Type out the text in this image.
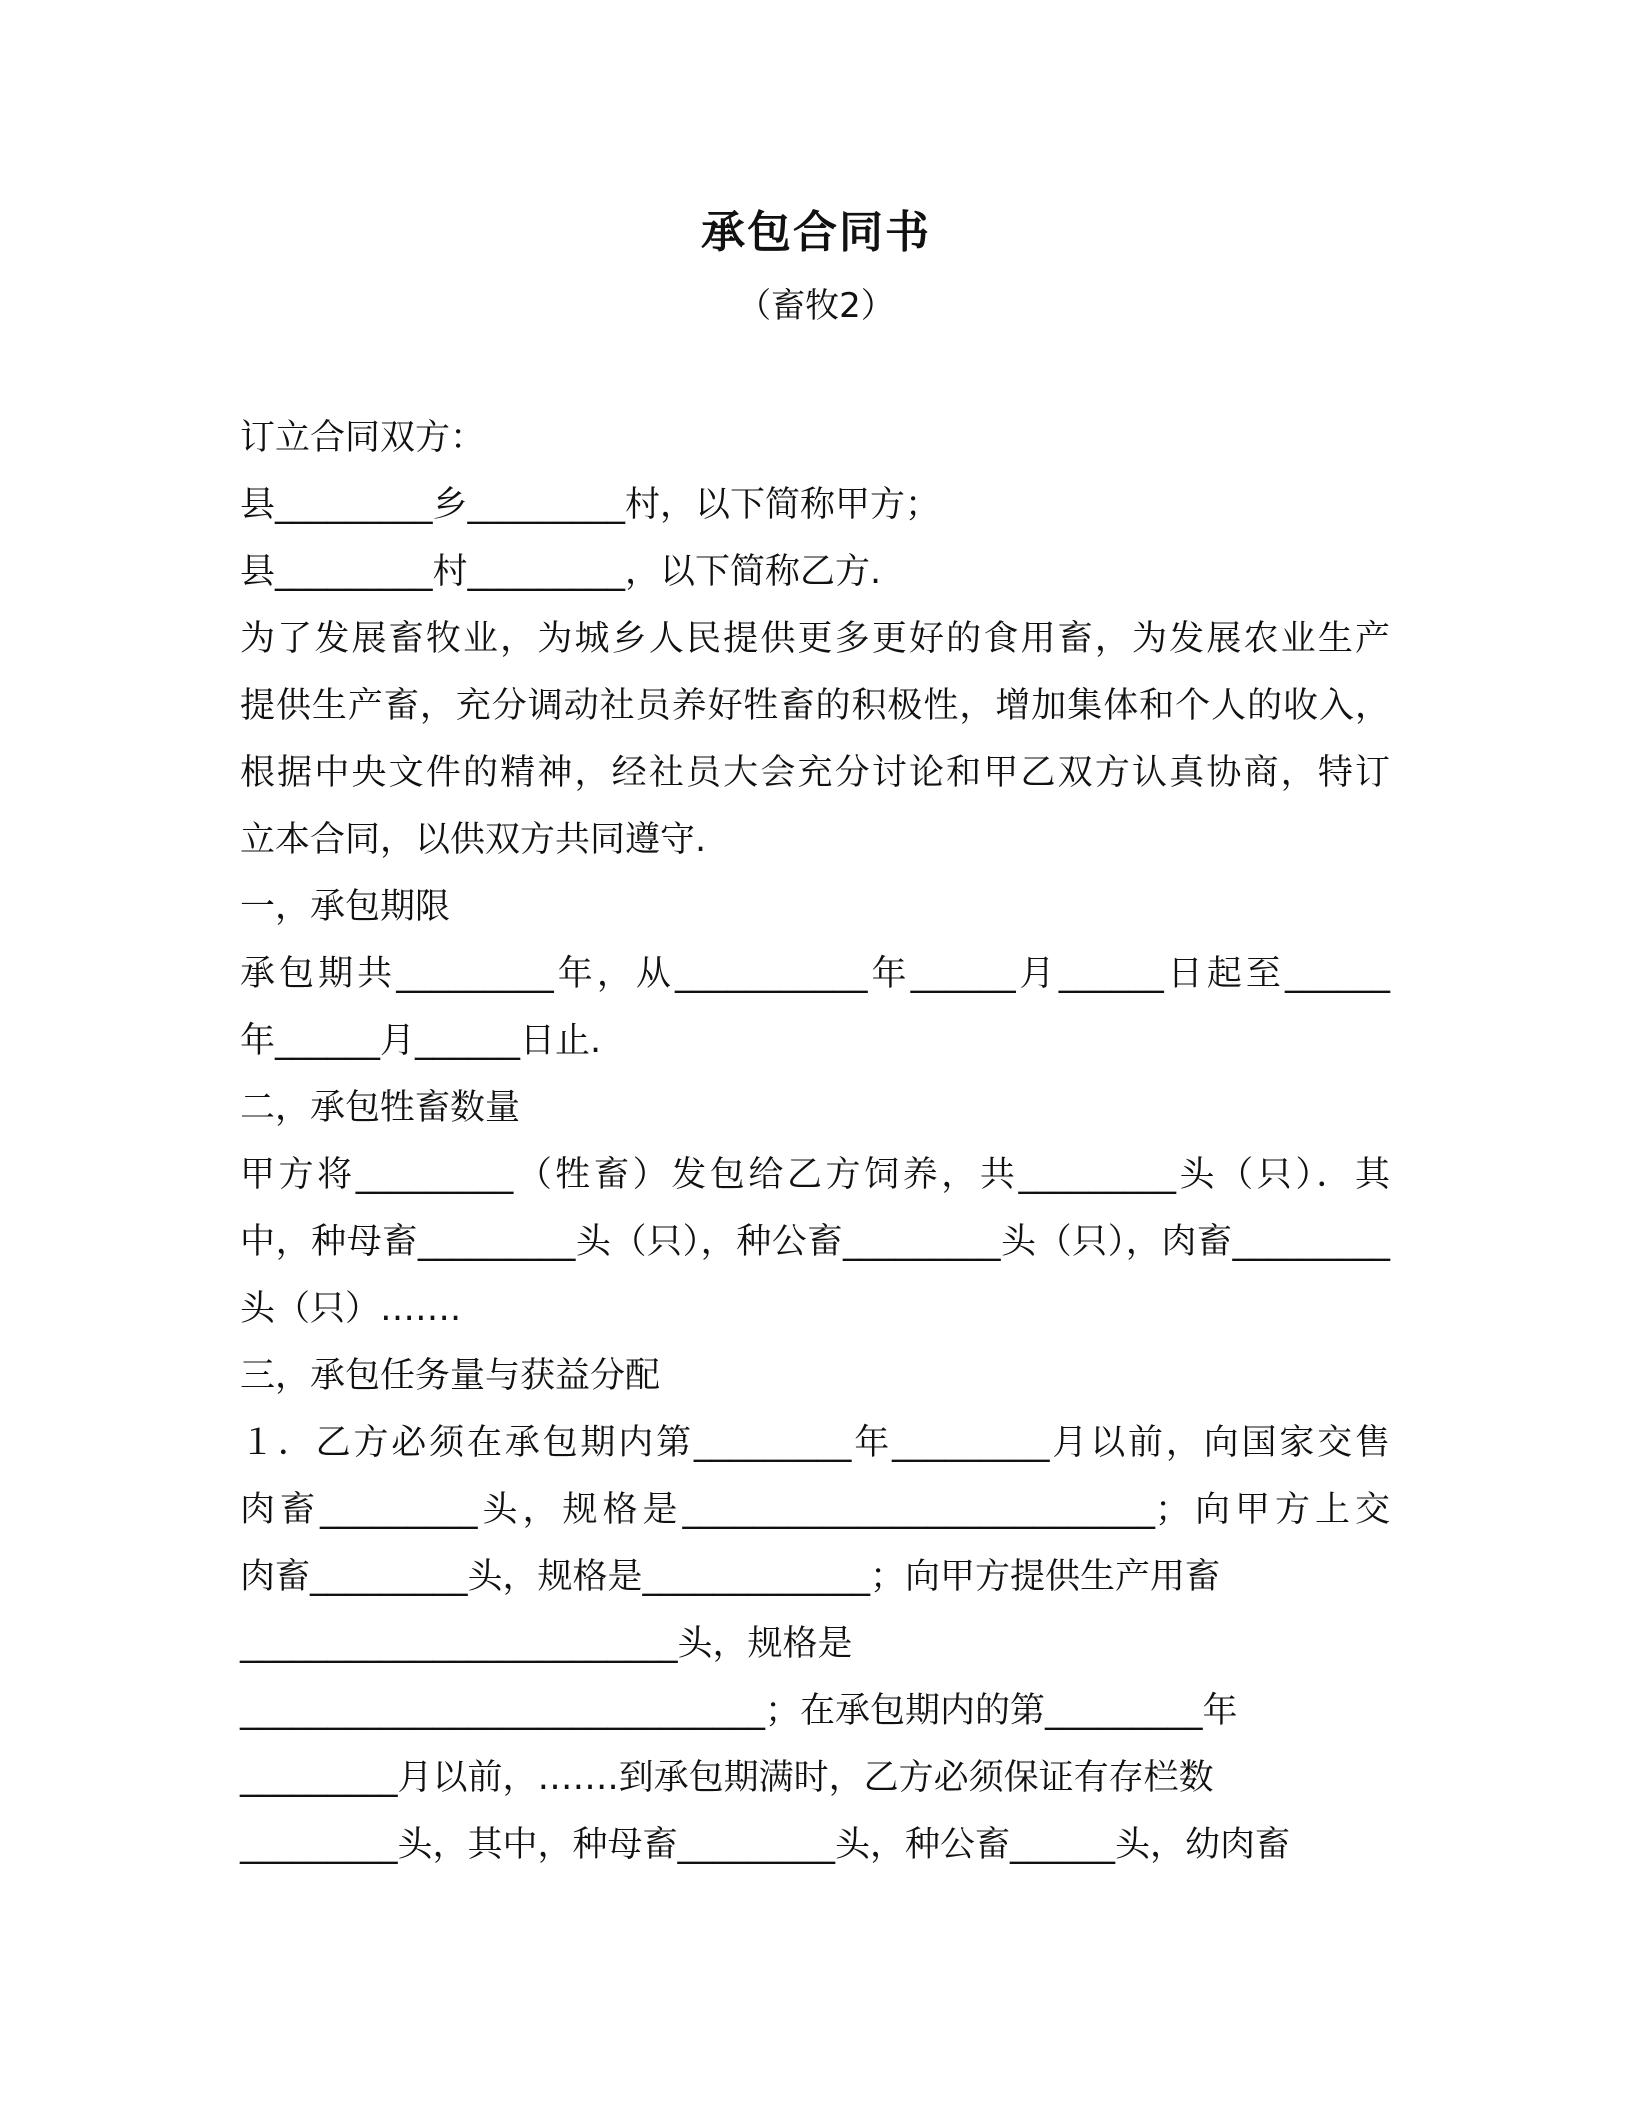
承包合同书
（畜牧2）
订立合同双方：
县_________乡_________村，以下简称甲方；
县_________村_________，以下简称乙方.
为了发展畜牧业，为城乡人民提供更多更好的食用畜，为发展农业生产
提供生产畜，充分调动社员养好牲畜的积极性，增加集体和个人的收入，
根据中央文件的精神，经社员大会充分讨论和甲乙双方认真协商，特订
立本合同，以供双方共同遵守.
一，承包期限
承包期共_________年，从___________年______月______日起至______
年______月______日止.
二，承包牲畜数量
甲方将_________（牲畜）发包给乙方饲养，共_________头（只）．其
中，种母畜_________头（只），种公畜_________头（只），肉畜_________
头（只）…….
三，承包任务量与获益分配
１．乙方必须在承包期内第_________年_________月以前，向国家交售
肉畜_________头，规格是___________________________；向甲方上交
肉畜_________头，规格是_____________；向甲方提供生产用畜
_________________________头，规格是
______________________________；在承包期内的第_________年
_________月以前，…….到承包期满时，乙方必须保证有存栏数
_________头，其中，种母畜_________头，种公畜______头，幼肉畜
